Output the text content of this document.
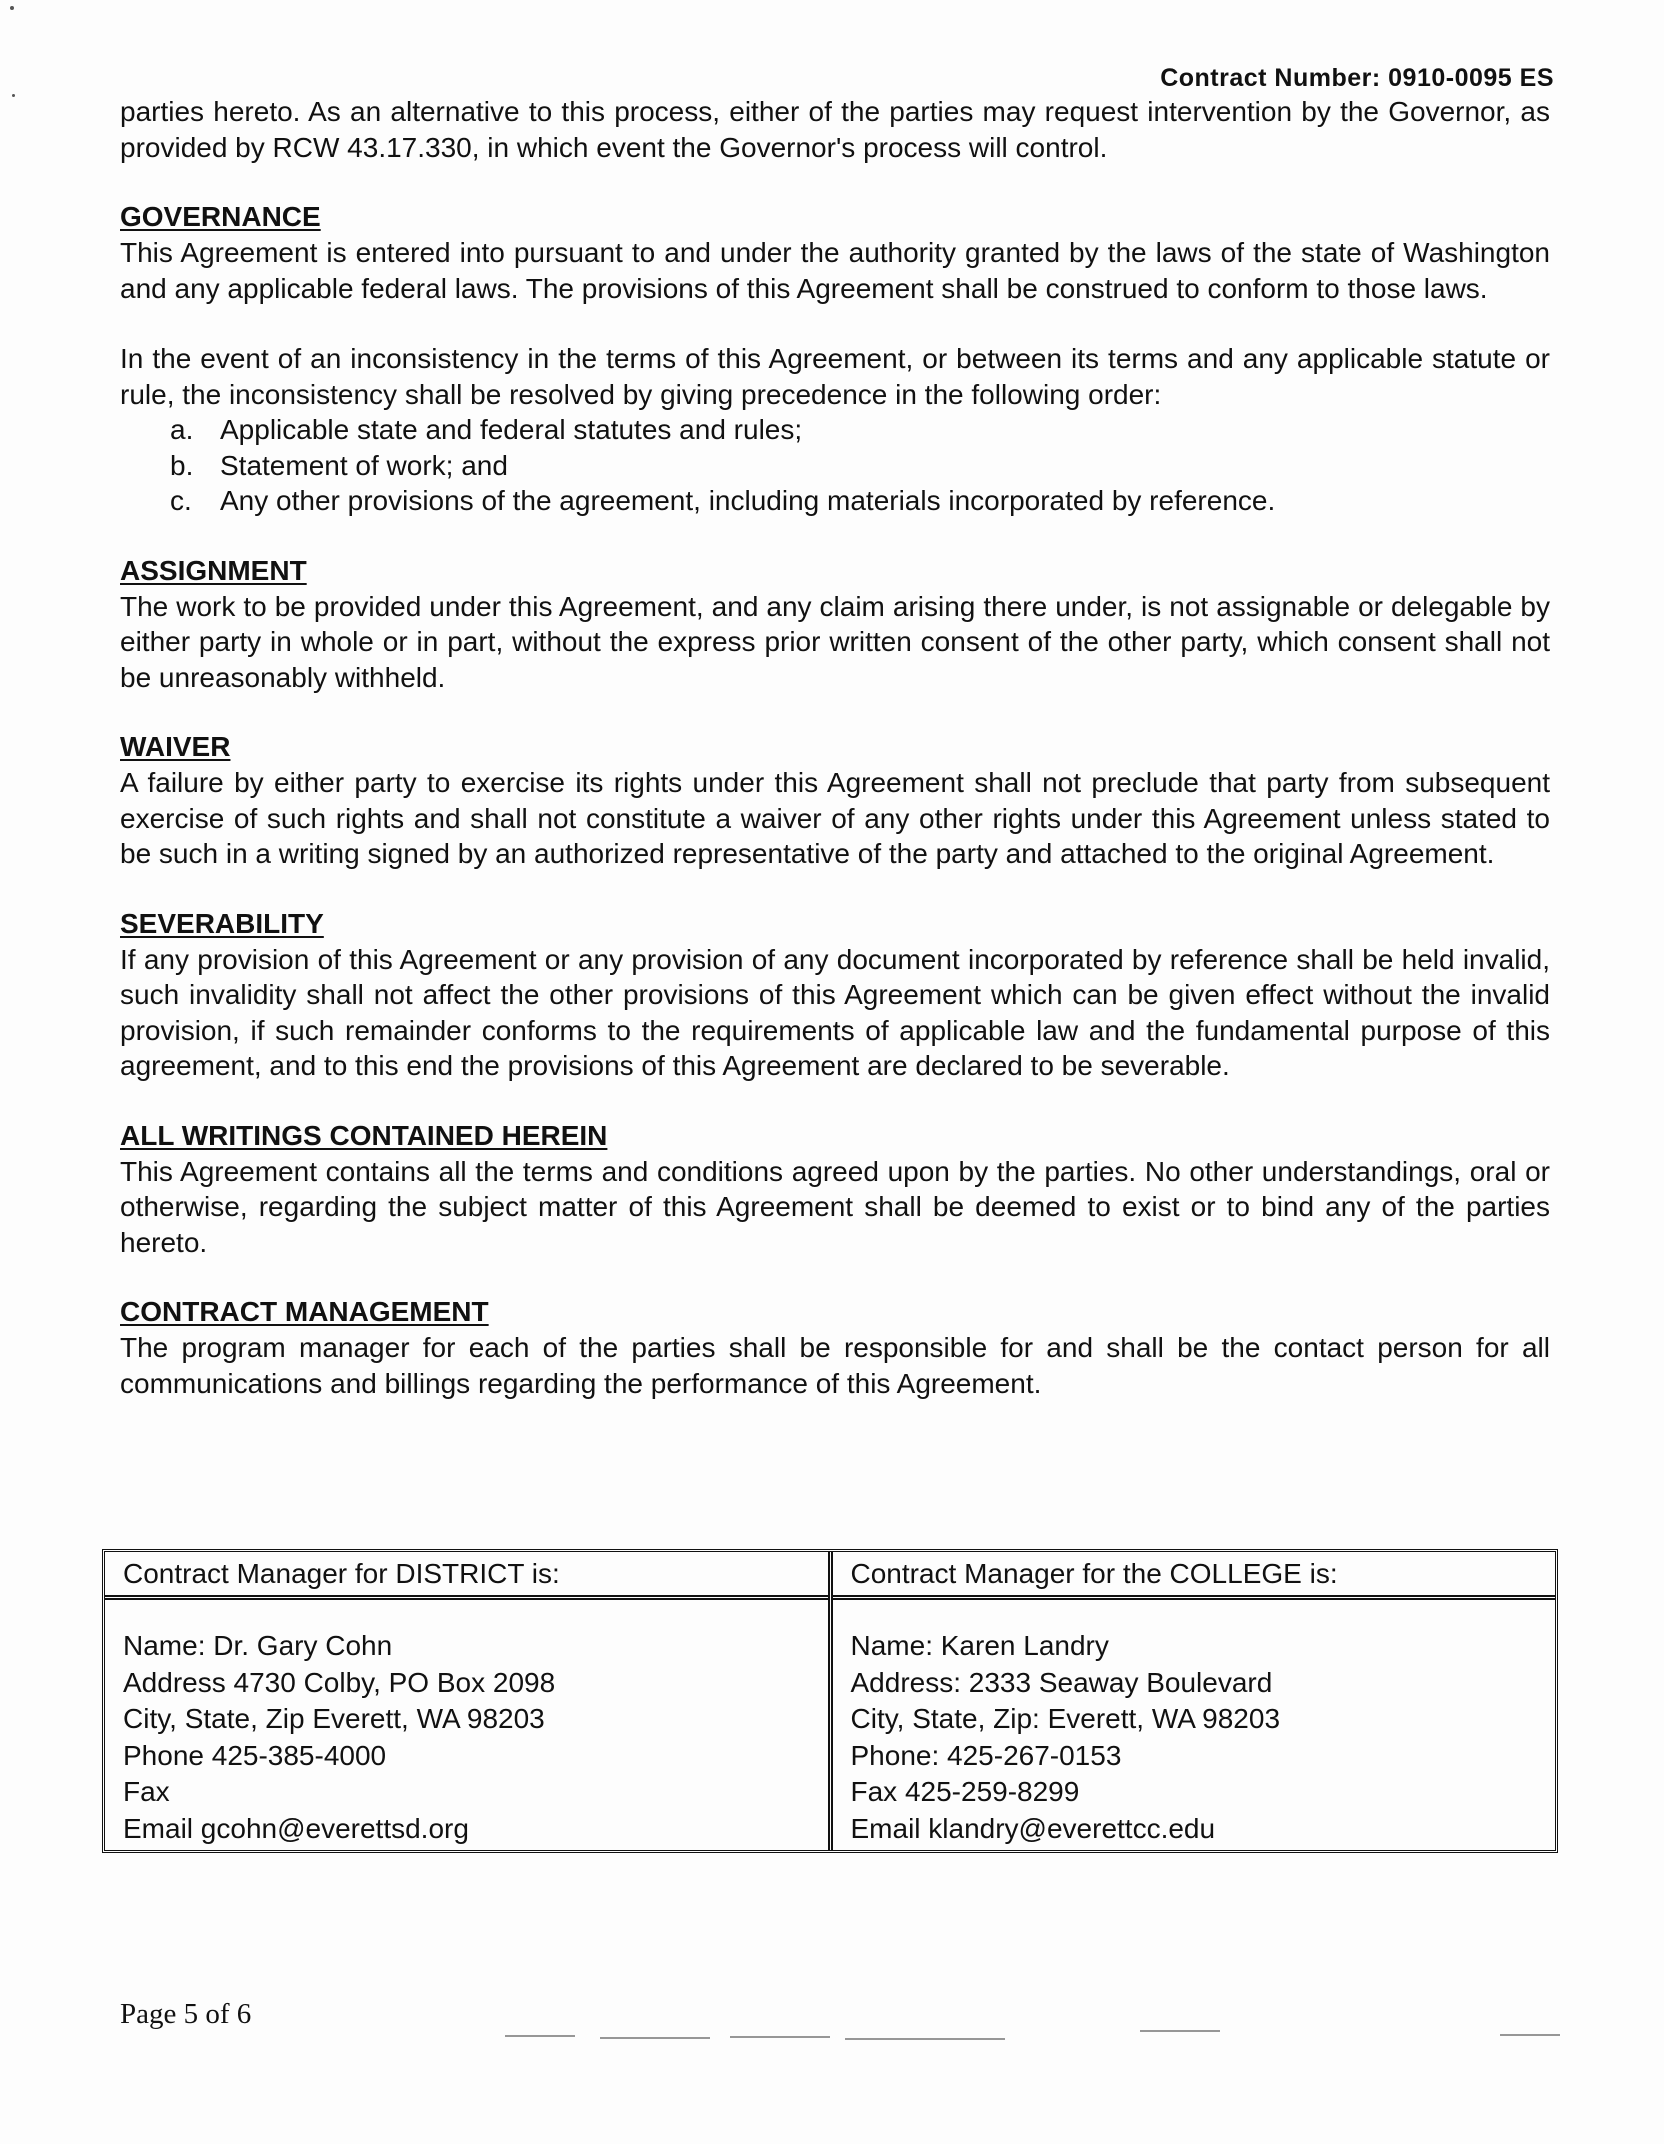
Contract Number: 0910-0095 ES

parties hereto. As an alternative to this process, either of the parties may request intervention by the Governor, as provided by RCW 43.17.330, in which event the Governor's process will control.

GOVERNANCE

This Agreement is entered into pursuant to and under the authority granted by the laws of the state of Washington and any applicable federal laws. The provisions of this Agreement shall be construed to conform to those laws.

In the event of an inconsistency in the terms of this Agreement, or between its terms and any applicable statute or rule, the inconsistency shall be resolved by giving precedence in the following order:

a. Applicable state and federal statutes and rules;
b. Statement of work; and
c. Any other provisions of the agreement, including materials incorporated by reference.

ASSIGNMENT

The work to be provided under this Agreement, and any claim arising there under, is not assignable or delegable by either party in whole or in part, without the express prior written consent of the other party, which consent shall not be unreasonably withheld.

WAIVER

A failure by either party to exercise its rights under this Agreement shall not preclude that party from subsequent exercise of such rights and shall not constitute a waiver of any other rights under this Agreement unless stated to be such in a writing signed by an authorized representative of the party and attached to the original Agreement.

SEVERABILITY

If any provision of this Agreement or any provision of any document incorporated by reference shall be held invalid, such invalidity shall not affect the other provisions of this Agreement which can be given effect without the invalid provision, if such remainder conforms to the requirements of applicable law and the fundamental purpose of this agreement, and to this end the provisions of this Agreement are declared to be severable.

ALL WRITINGS CONTAINED HEREIN

This Agreement contains all the terms and conditions agreed upon by the parties. No other understandings, oral or otherwise, regarding the subject matter of this Agreement shall be deemed to exist or to bind any of the parties hereto.

CONTRACT MANAGEMENT

The program manager for each of the parties shall be responsible for and shall be the contact person for all communications and billings regarding the performance of this Agreement.

Contract Manager for DISTRICT is:
Name: Dr. Gary Cohn
Address 4730 Colby, PO Box 2098
City, State, Zip Everett, WA 98203
Phone 425-385-4000
Fax
Email gcohn@everettsd.org
Contract Manager for the COLLEGE is:
Name: Karen Landry
Address: 2333 Seaway Boulevard
City, State, Zip: Everett, WA 98203
Phone: 425-267-0153
Fax 425-259-8299
Email klandry@everettcc.edu
Page 5 of 6
